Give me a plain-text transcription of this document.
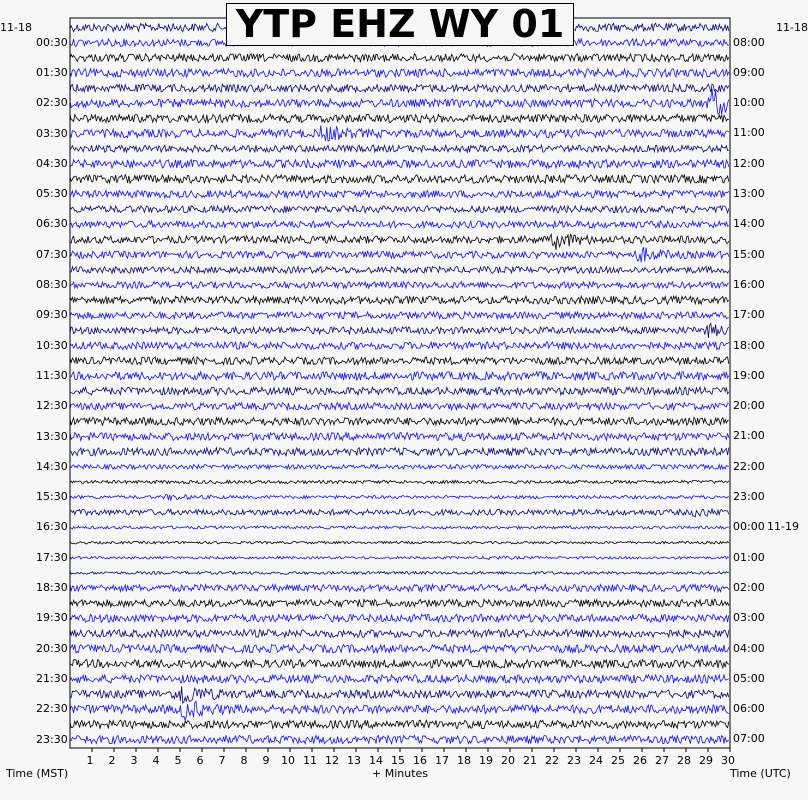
1 2 3 4 5 6 7 8 9 10 11 12 13 14 15 16 17 18 19 20 21 22 23 24 25 26 27 28 29 30
00:30
01:30
02:30
03:30
04:30
05:30
06:30
07:30
08:30
09:30
10:30
11:30
12:30
13:30
14:30
15:30
16:30
17:30
18:30
19:30
20:30
21:30
22:30
23:30
08:00
09:00
10:00
11:00
12:00
13:00
14:00
15:00
16:00
17:00
18:00
19:00
20:00
21:00
22:00
23:00
00:00 11-19
01:00
02:00
03:00
04:00
05:00
06:00
07:00
YTP EHZ WY 01
11-18	11-18
Time (MST)	+ Minutes	Time (UTC)
